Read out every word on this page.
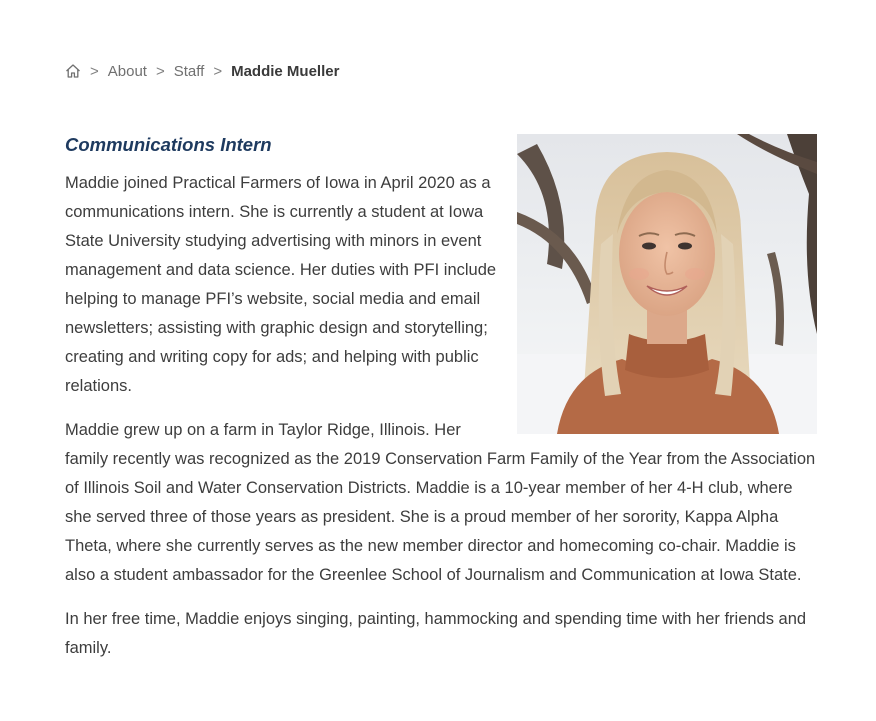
> About > Staff > Maddie Mueller
Communications Intern

Maddie joined Practical Farmers of Iowa in April 2020 as a communications intern. She is currently a student at Iowa State University studying advertising with minors in event management and data science. Her duties with PFI include helping to manage PFI’s website, social media and email newsletters; assisting with graphic design and storytelling; creating and writing copy for ads; and helping with public relations.

Maddie grew up on a farm in Taylor Ridge, Illinois. Her family recently was recognized as the 2019 Conservation Farm Family of the Year from the Association of Illinois Soil and Water Conservation Districts. Maddie is a 10-year member of her 4-H club, where she served three of those years as president. She is a proud member of her sorority, Kappa Alpha Theta, where she currently serves as the new member director and homecoming co-chair. Maddie is also a student ambassador for the Greenlee School of Journalism and Communication at Iowa State.

In her free time, Maddie enjoys singing, painting, hammocking and spending time with her friends and family.
